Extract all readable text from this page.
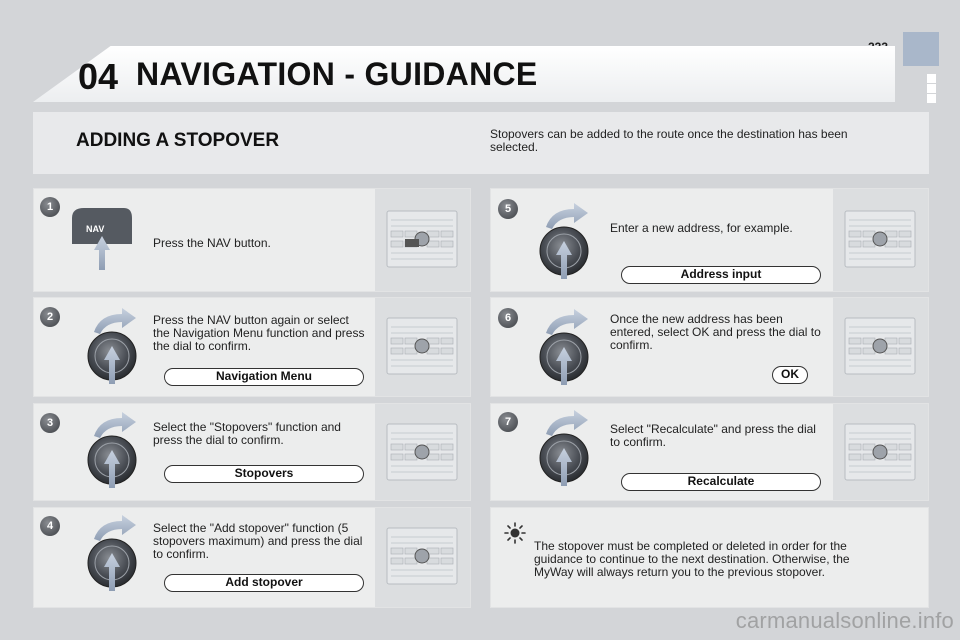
04 NAVIGATION - GUIDANCE
ADDING A STOPOVER	Stopovers can be added to the route once the destination has been selected.
1
NAV
Press the NAV button.
2	Press the NAV button again or select the Navigation Menu function and press the dial to confirm.
Navigation Menu
3	Select the "Stopovers" function and press the dial to confirm.
Stopovers
4	Select the "Add stopover" function (5 stopovers maximum) and press the dial to confirm.
Add stopover
5
Enter a new address, for example.
Address input
6	Once the new address has been entered, select OK and press the dial to confirm.
OK
7	Select "Recalculate" and press the dial to confirm.
Recalculate
The stopover must be completed or deleted in order for the guidance to continue to the next destination. Otherwise, the MyWay will always return you to the previous stopover.
carmanualsonline.info
